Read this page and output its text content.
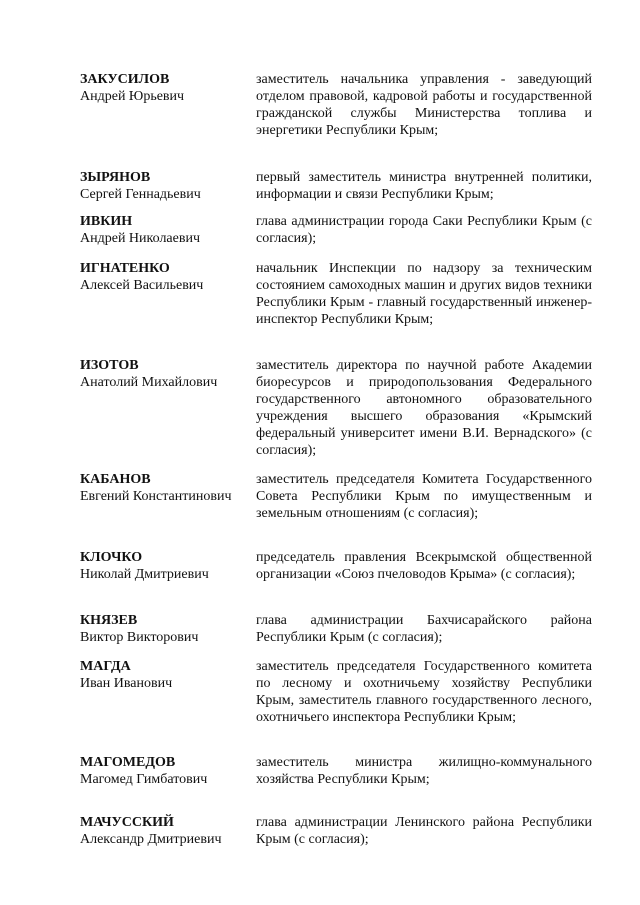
ЗАКУСИЛОВ
Андрей Юрьевич
заместитель начальника управления - заведующий отделом правовой, кадровой работы и государственной гражданской службы Министерства топлива и энергетики Республики Крым;
ЗЫРЯНОВ
Сергей Геннадьевич
первый заместитель министра внутренней политики, информации и связи Республики Крым;
ИВКИН
Андрей Николаевич
глава администрации города Саки Республики Крым (с согласия);
ИГНАТЕНКО
Алексей Васильевич
начальник Инспекции по надзору за техническим состоянием самоходных машин и других видов техники Республики Крым - главный государственный инженер-инспектор Республики Крым;
ИЗОТОВ
Анатолий Михайлович
заместитель директора по научной работе Академии биоресурсов и природопользования Федерального государственного автономного образовательного учреждения высшего образования «Крымский федеральный университет имени В.И. Вернадского» (с согласия);
КАБАНОВ
Евгений Константинович
заместитель председателя Комитета Государственного Совета Республики Крым по имущественным и земельным отношениям (с согласия);
КЛОЧКО
Николай Дмитриевич
председатель правления Всекрымской общественной организации «Союз пчеловодов Крыма» (с согласия);
КНЯЗЕВ
Виктор Викторович
глава администрации Бахчисарайского района Республики Крым (с согласия);
МАГДА
Иван Иванович
заместитель председателя Государственного комитета по лесному и охотничьему хозяйству Республики Крым, заместитель главного государственного лесного, охотничьего инспектора Республики Крым;
МАГОМЕДОВ
Магомед Гимбатович
заместитель министра жилищно-коммунального хозяйства Республики Крым;
МАЧУССКИЙ
Александр Дмитриевич
глава администрации Ленинского района Республики Крым (с согласия);
